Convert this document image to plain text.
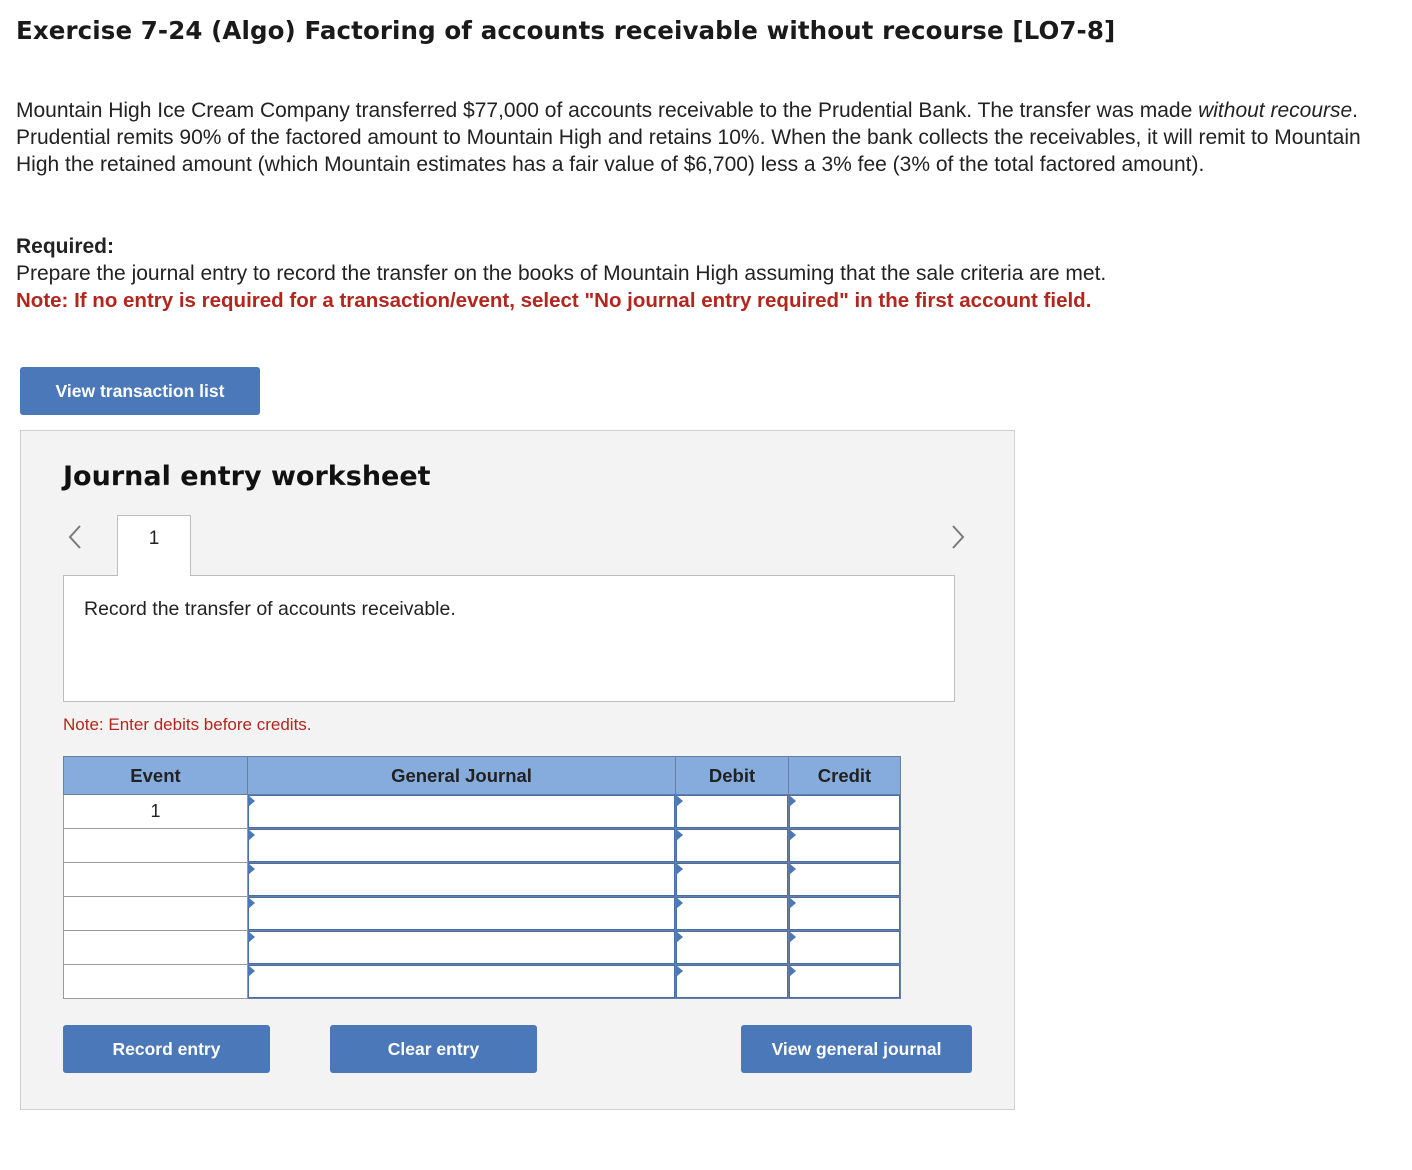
Exercise 7-24 (Algo) Factoring of accounts receivable without recourse [LO7-8]
Mountain High Ice Cream Company transferred $77,000 of accounts receivable to the Prudential Bank. The transfer was made without recourse. Prudential remits 90% of the factored amount to Mountain High and retains 10%. When the bank collects the receivables, it will remit to Mountain High the retained amount (which Mountain estimates has a fair value of $6,700) less a 3% fee (3% of the total factored amount).
Required:
Prepare the journal entry to record the transfer on the books of Mountain High assuming that the sale criteria are met.
Note: If no entry is required for a transaction/event, select "No journal entry required" in the first account field.
View transaction list
Journal entry worksheet
1
Record the transfer of accounts receivable.
Note: Enter debits before credits.
Event	General Journal	Debit	Credit
1			

Record entry	Clear entry	View general journal
